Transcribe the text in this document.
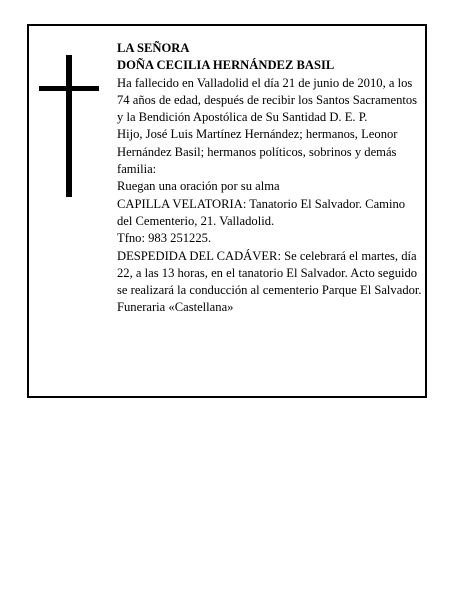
LA SEÑORA

DOÑA CECILIA HERNÁNDEZ BASIL

Ha fallecido en Valladolid el día 21 de junio de 2010, a los 74 años de edad, después de recibir los Santos Sacramentos y la Bendición Apostólica de Su Santidad D. E. P.

Hijo, José Luis Martínez Hernández; hermanos, Leonor Hernández Basil; hermanos políticos, sobrinos y demás familia:

Ruegan una oración por su alma

CAPILLA VELATORIA: Tanatorio El Salvador. Camino del Cementerio, 21. Valladolid.

Tfno: 983 251225.

DESPEDIDA DEL CADÁVER: Se celebrará el martes, día 22, a las 13 horas, en el tanatorio El Salvador. Acto seguido se realizará la conducción al cementerio Parque El Salvador.

Funeraria «Castellana»
